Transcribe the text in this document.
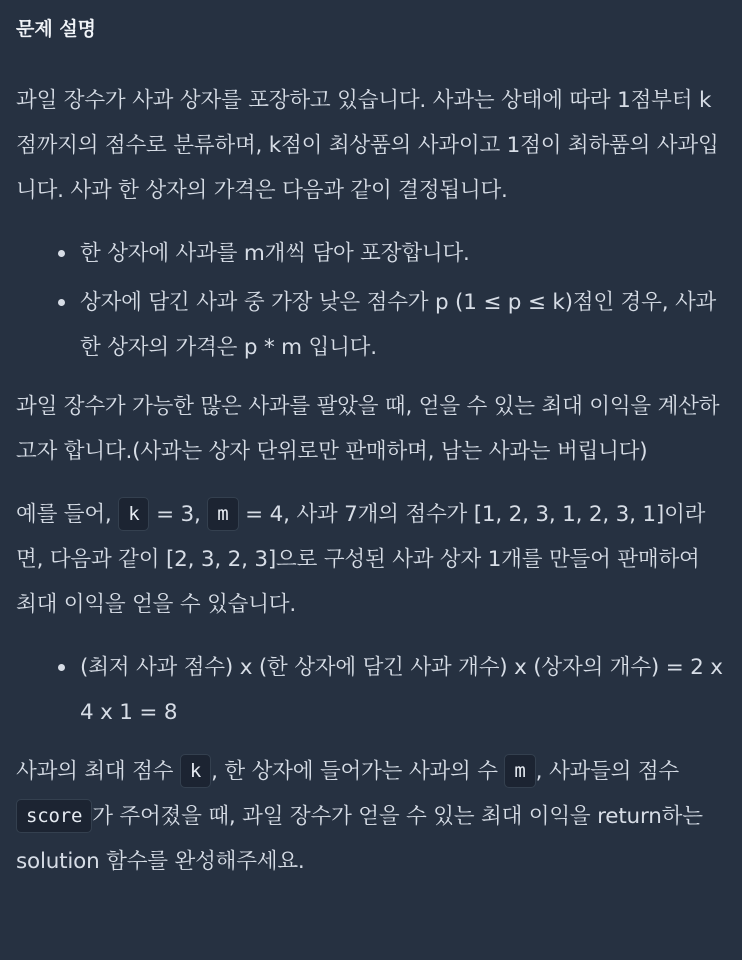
문제 설명

과일 장수가 사과 상자를 포장하고 있습니다. 사과는 상태에 따라 1점부터 k점까지의 점수로 분류하며, k점이 최상품의 사과이고 1점이 최하품의 사과입니다. 사과 한 상자의 가격은 다음과 같이 결정됩니다.

한 상자에 사과를 m개씩 담아 포장합니다.
상자에 담긴 사과 중 가장 낮은 점수가 p (1 ≤ p ≤ k)점인 경우, 사과 한 상자의 가격은 p * m 입니다.

과일 장수가 가능한 많은 사과를 팔았을 때, 얻을 수 있는 최대 이익을 계산하고자 합니다.(사과는 상자 단위로만 판매하며, 남는 사과는 버립니다)

예를 들어, k = 3, m = 4, 사과 7개의 점수가 [1, 2, 3, 1, 2, 3, 1]이라면, 다음과 같이 [2, 3, 2, 3]으로 구성된 사과 상자 1개를 만들어 판매하여 최대 이익을 얻을 수 있습니다.

(최저 사과 점수) x (한 상자에 담긴 사과 개수) x (상자의 개수) = 2 x 4 x 1 = 8

사과의 최대 점수 k , 한 상자에 들어가는 사과의 수 m , 사과들의 점수 score 가 주어졌을 때, 과일 장수가 얻을 수 있는 최대 이익을 return하는 solution 함수를 완성해주세요.
